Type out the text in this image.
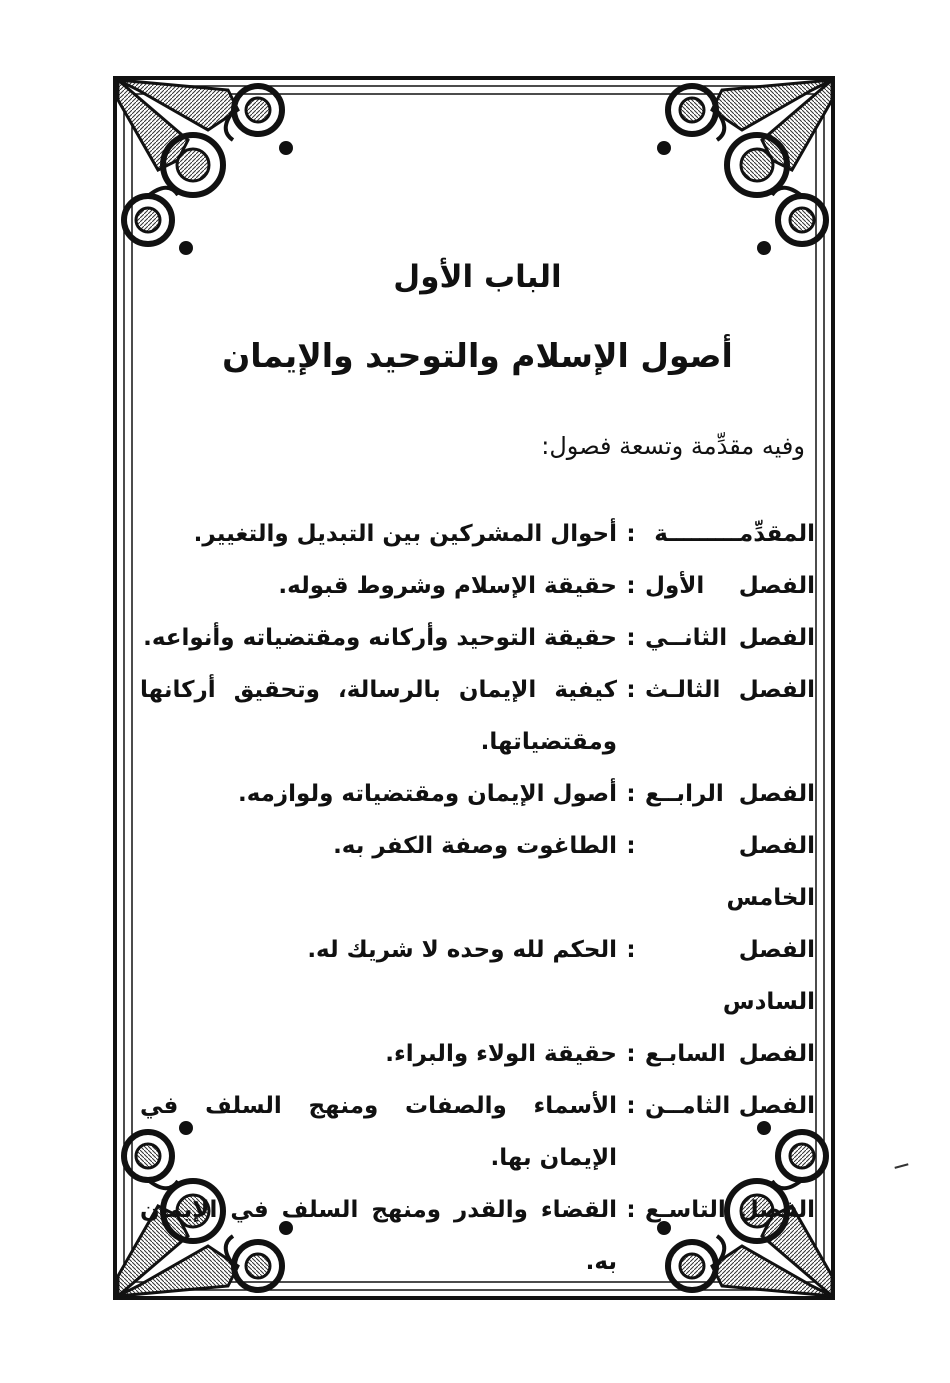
الباب الأول
أصول الإسلام والتوحيد والإيمان
وفيه مقدِّمة وتسعة فصول:
المقدِّمـــــــــة
:
أحوال المشركين بين التبديل والتغيير.
الفصل الأول
:
حقيقة الإسلام وشروط قبوله.
الفصل الثانــي
:
حقيقة التوحيد وأركانه ومقتضياته وأنواعه.
الفصل الثالـث
:
كيفية الإيمان بالرسالة، وتحقيق أركانها ومقتضياتها.
الفصل الرابــع
:
أصول الإيمان ومقتضياته ولوازمه.
الفصل الخامس
:
الطاغوت وصفة الكفر به.
الفصل السادس
:
الحكم لله وحده لا شريك له.
الفصل السابـع
:
حقيقة الولاء والبراء.
الفصل الثامــن
:
الأسماء والصفات ومنهج السلف في الإيمان بها.
الفصل التاسـع
:
القضاء والقدر ومنهج السلف في الإيمان به.
